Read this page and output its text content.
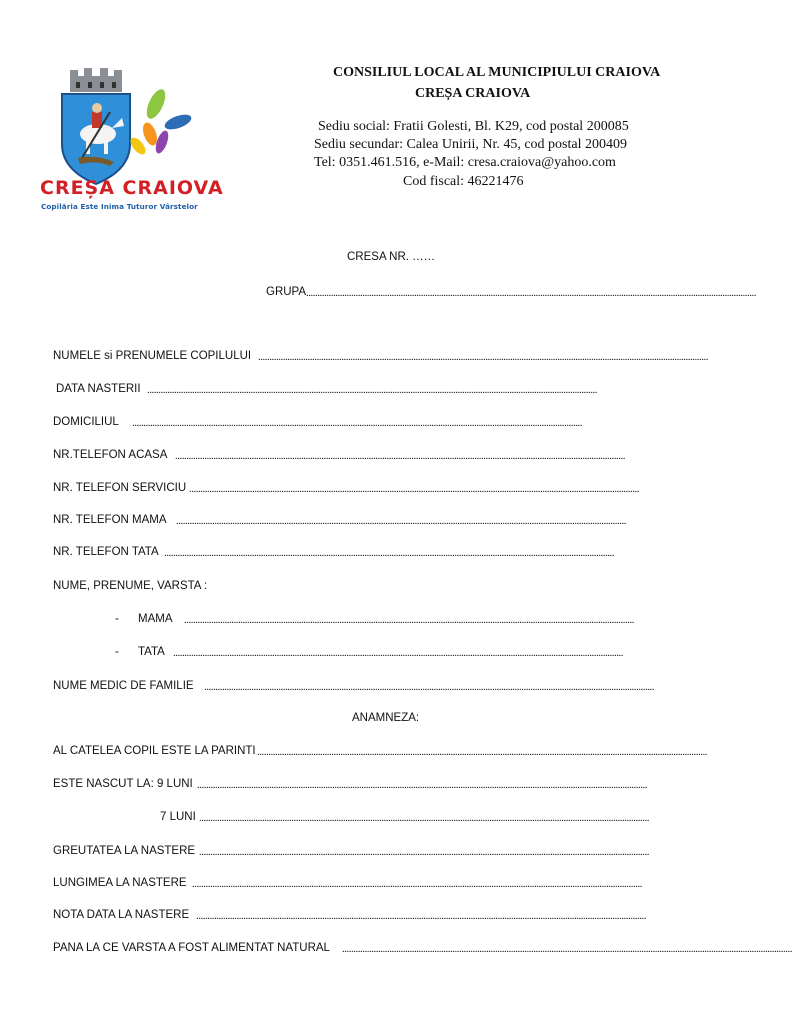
CREȘA CRAIOVA
Copilăria Este Inima Tuturor Vârstelor
CONSILIUL LOCAL AL MUNICIPIULUI CRAIOVA
CREȘA CRAIOVA
Sediu social: Fratii Golesti, Bl. K29, cod postal 200085
Sediu secundar: Calea Unirii, Nr. 45, cod postal 200409
Tel: 0351.461.516, e-Mail: cresa.craiova@yahoo.com
Cod fiscal: 46221476
CRESA NR. ……
GRUPA ........................................................................................................................................................................................................
NUMELE si PRENUMELE COPILULUI ........................................................................................................................................................................................................
DATA NASTERII ........................................................................................................................................................................................................
DOMICILIUL ........................................................................................................................................................................................................
NR.TELEFON ACASA ........................................................................................................................................................................................................
NR. TELEFON SERVICIU ........................................................................................................................................................................................................
NR. TELEFON MAMA ........................................................................................................................................................................................................
NR. TELEFON TATA ........................................................................................................................................................................................................
NUME, PRENUME, VARSTA :
- MAMA ........................................................................................................................................................................................................
- TATA ........................................................................................................................................................................................................
NUME MEDIC DE FAMILIE ........................................................................................................................................................................................................
ANAMNEZA:
AL CATELEA COPIL ESTE LA PARINTI ........................................................................................................................................................................................................
ESTE NASCUT LA: 9 LUNI ........................................................................................................................................................................................................
7 LUNI ........................................................................................................................................................................................................
GREUTATEA LA NASTERE ........................................................................................................................................................................................................
LUNGIMEA LA NASTERE ........................................................................................................................................................................................................
NOTA DATA LA NASTERE ........................................................................................................................................................................................................
PANA LA CE VARSTA A FOST ALIMENTAT NATURAL ........................................................................................................................................................................................................
